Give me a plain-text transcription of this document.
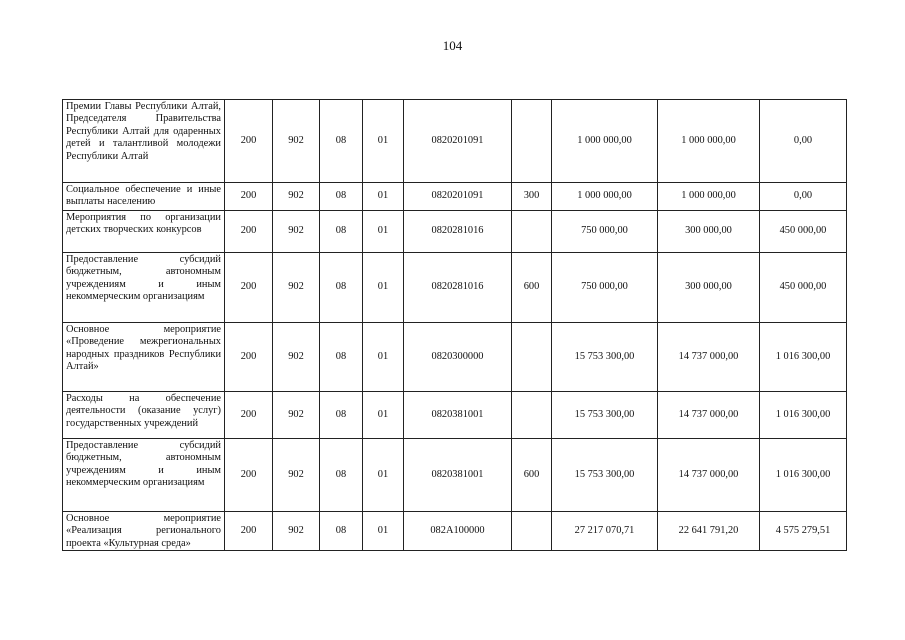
104
Премии Главы Республики Алтай, Председателя Правительства Республики Алтай для одаренных детей и талантливой молодежи Республики Алтай	200	902	08	01	0820201091		1 000 000,00	1 000 000,00	0,00
Социальное обеспечение и иные выплаты населению	200	902	08	01	0820201091	300	1 000 000,00	1 000 000,00	0,00
Мероприятия по организации детских творческих конкурсов	200	902	08	01	0820281016		750 000,00	300 000,00	450 000,00
Предоставление субсидий бюджетным, автономным учреждениям и иным некоммерческим организациям	200	902	08	01	0820281016	600	750 000,00	300 000,00	450 000,00
Основное мероприятие «Проведение межрегиональных народных праздников Республики Алтай»	200	902	08	01	0820300000		15 753 300,00	14 737 000,00	1 016 300,00
Расходы на обеспечение деятельности (оказание услуг) государственных учреждений	200	902	08	01	0820381001		15 753 300,00	14 737 000,00	1 016 300,00
Предоставление субсидий бюджетным, автономным учреждениям и иным некоммерческим организациям	200	902	08	01	0820381001	600	15 753 300,00	14 737 000,00	1 016 300,00
Основное мероприятие «Реализация регионального проекта «Культурная среда»	200	902	08	01	082A100000		27 217 070,71	22 641 791,20	4 575 279,51
